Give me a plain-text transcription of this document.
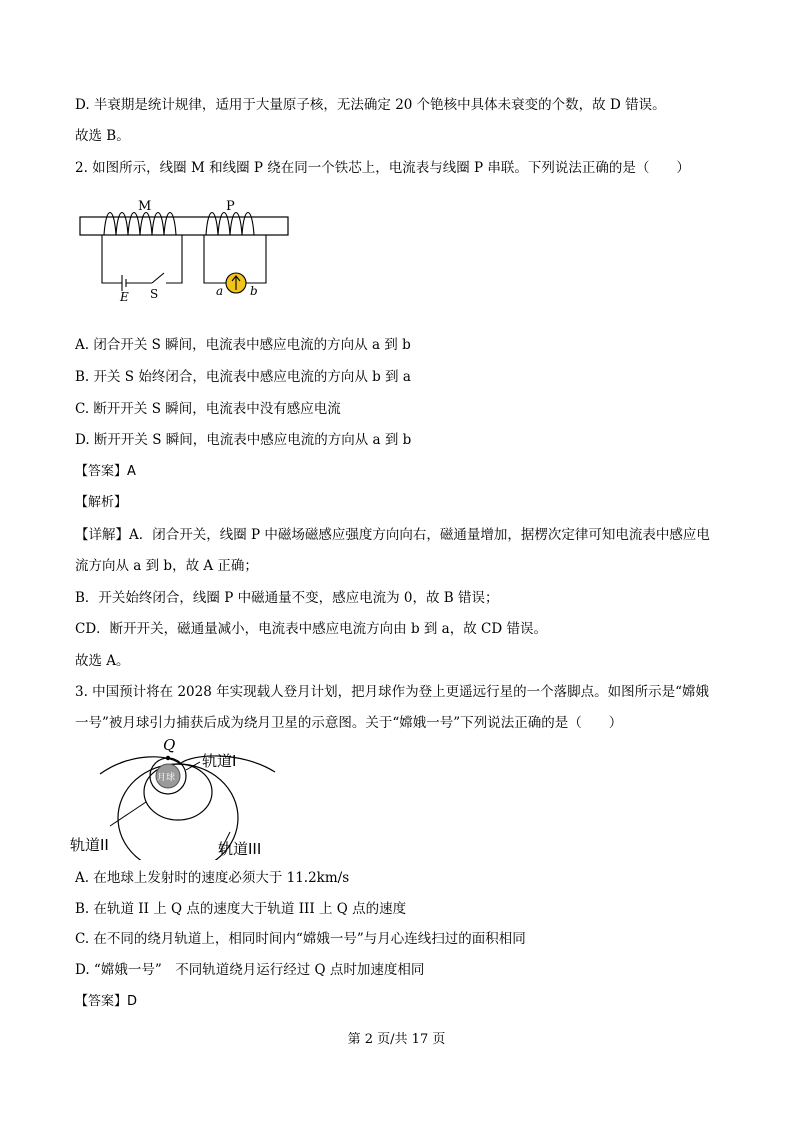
D. 半衰期是统计规律，适用于大量原子核，无法确定 20 个铯核中具体未衰变的个数，故 D 错误。
故选 B。
2. 如图所示，线圈 M 和线圈 P 绕在同一个铁芯上，电流表与线圈 P 串联。下列说法正确的是（　　）
M	P
E S	a b
A. 闭合开关 S 瞬间，电流表中感应电流的方向从 a 到 b
B. 开关 S 始终闭合，电流表中感应电流的方向从 b 到 a
C. 断开开关 S 瞬间，电流表中没有感应电流
D. 断开开关 S 瞬间，电流表中感应电流的方向从 a 到 b
【答案】A
【解析】
【详解】A．闭合开关，线圈 P 中磁场磁感应强度方向向右，磁通量增加，据楞次定律可知电流表中感应电
流方向从 a 到 b，故 A 正确；
B．开关始终闭合，线圈 P 中磁通量不变，感应电流为 0，故 B 错误；
CD．断开开关，磁通量减小，电流表中感应电流方向由 b 到 a，故 CD 错误。
故选 A。
3. 中国预计将在 2028 年实现载人登月计划，把月球作为登上更遥远行星的一个落脚点。如图所示是“嫦娥
一号”被月球引力捕获后成为绕月卫星的示意图。关于“嫦娥一号”下列说法正确的是（　　）
月球
Q
轨道I
轨道II	轨道III
A. 在地球上发射时的速度必须大于 11.2km/s
B. 在轨道 II 上 Q 点的速度大于轨道 III 上 Q 点的速度
C. 在不同的绕月轨道上，相同时间内“嫦娥一号”与月心连线扫过的面积相同
D. “嫦娥一号”　不同轨道绕月运行经过 Q 点时加速度相同
【答案】D
第 2 页/共 17 页
